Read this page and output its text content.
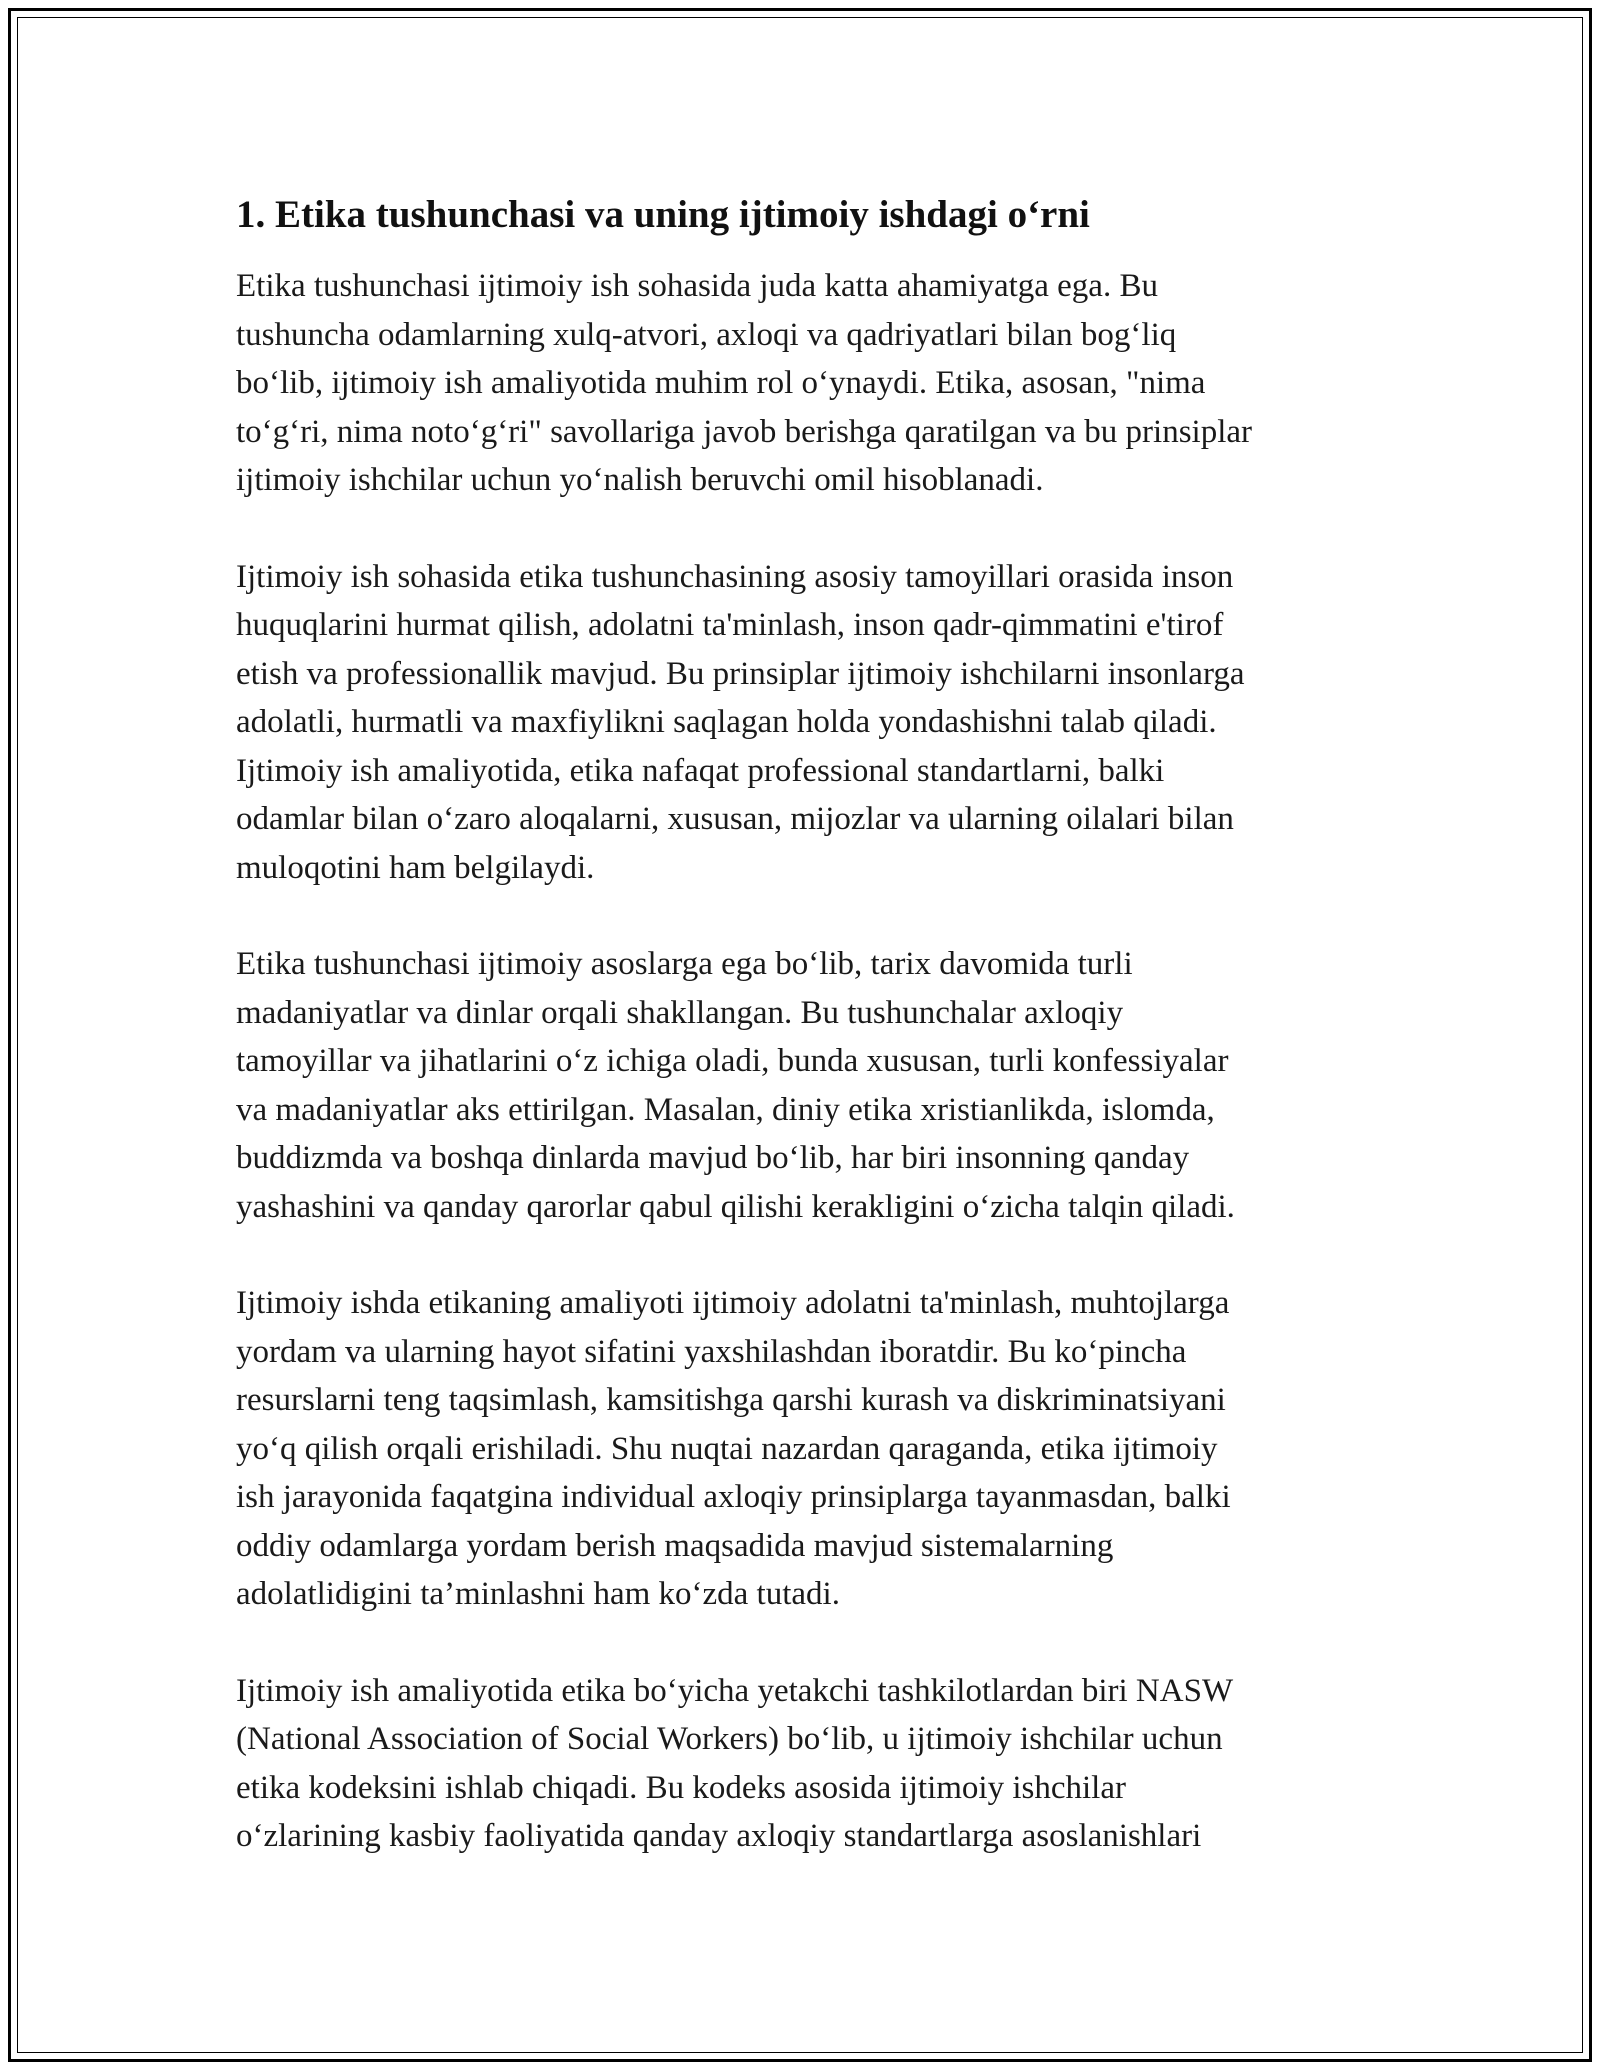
1. Etika tushunchasi va uning ijtimoiy ishdagi o‘rni

Etika tushunchasi ijtimoiy ish sohasida juda katta ahamiyatga ega. Bu
tushuncha odamlarning xulq-atvori, axloqi va qadriyatlari bilan bog‘liq
bo‘lib, ijtimoiy ish amaliyotida muhim rol o‘ynaydi. Etika, asosan, "nima
to‘g‘ri, nima noto‘g‘ri" savollariga javob berishga qaratilgan va bu prinsiplar
ijtimoiy ishchilar uchun yo‘nalish beruvchi omil hisoblanadi.

Ijtimoiy ish sohasida etika tushunchasining asosiy tamoyillari orasida inson
huquqlarini hurmat qilish, adolatni ta'minlash, inson qadr-qimmatini e'tirof
etish va professionallik mavjud. Bu prinsiplar ijtimoiy ishchilarni insonlarga
adolatli, hurmatli va maxfiylikni saqlagan holda yondashishni talab qiladi.
Ijtimoiy ish amaliyotida, etika nafaqat professional standartlarni, balki
odamlar bilan o‘zaro aloqalarni, xususan, mijozlar va ularning oilalari bilan
muloqotini ham belgilaydi.

Etika tushunchasi ijtimoiy asoslarga ega bo‘lib, tarix davomida turli
madaniyatlar va dinlar orqali shakllangan. Bu tushunchalar axloqiy
tamoyillar va jihatlarini o‘z ichiga oladi, bunda xususan, turli konfessiyalar
va madaniyatlar aks ettirilgan. Masalan, diniy etika xristianlikda, islomda,
buddizmda va boshqa dinlarda mavjud bo‘lib, har biri insonning qanday
yashashini va qanday qarorlar qabul qilishi kerakligini o‘zicha talqin qiladi.

Ijtimoiy ishda etikaning amaliyoti ijtimoiy adolatni ta'minlash, muhtojlarga
yordam va ularning hayot sifatini yaxshilashdan iboratdir. Bu ko‘pincha
resurslarni teng taqsimlash, kamsitishga qarshi kurash va diskriminatsiyani
yo‘q qilish orqali erishiladi. Shu nuqtai nazardan qaraganda, etika ijtimoiy
ish jarayonida faqatgina individual axloqiy prinsiplarga tayanmasdan, balki
oddiy odamlarga yordam berish maqsadida mavjud sistemalarning
adolatlidigini ta’minlashni ham ko‘zda tutadi.

Ijtimoiy ish amaliyotida etika bo‘yicha yetakchi tashkilotlardan biri NASW
(National Association of Social Workers) bo‘lib, u ijtimoiy ishchilar uchun
etika kodeksini ishlab chiqadi. Bu kodeks asosida ijtimoiy ishchilar
o‘zlarining kasbiy faoliyatida qanday axloqiy standartlarga asoslanishlari
